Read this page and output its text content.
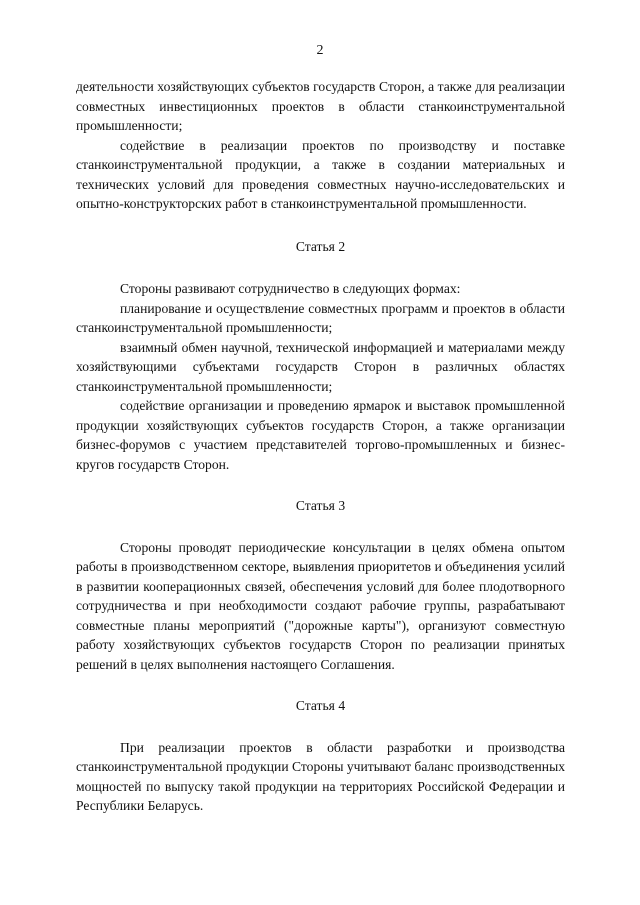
2

деятельности хозяйствующих субъектов государств Сторон, а также для реализации совместных инвестиционных проектов в области станкоинструментальной промышленности;

содействие в реализации проектов по производству и поставке станкоинструментальной продукции, а также в создании материальных и технических условий для проведения совместных научно-исследовательских и опытно-конструкторских работ в станкоинструментальной промышленности.

Статья 2

Стороны развивают сотрудничество в следующих формах:

планирование и осуществление совместных программ и проектов в области станкоинструментальной промышленности;

взаимный обмен научной, технической информацией и материалами между хозяйствующими субъектами государств Сторон в различных областях станкоинструментальной промышленности;

содействие организации и проведению ярмарок и выставок промышленной продукции хозяйствующих субъектов государств Сторон, а также организации бизнес-форумов с участием представителей торгово-промышленных и бизнес-кругов государств Сторон.

Статья 3

Стороны проводят периодические консультации в целях обмена опытом работы в производственном секторе, выявления приоритетов и объединения усилий в развитии кооперационных связей, обеспечения условий для более плодотворного сотрудничества и при необходимости создают рабочие группы, разрабатывают совместные планы мероприятий ("дорожные карты"), организуют совместную работу хозяйствующих субъектов государств Сторон по реализации принятых решений в целях выполнения настоящего Соглашения.

Статья 4

При реализации проектов в области разработки и производства станкоинструментальной продукции Стороны учитывают баланс производственных мощностей по выпуску такой продукции на территориях Российской Федерации и Республики Беларусь.
